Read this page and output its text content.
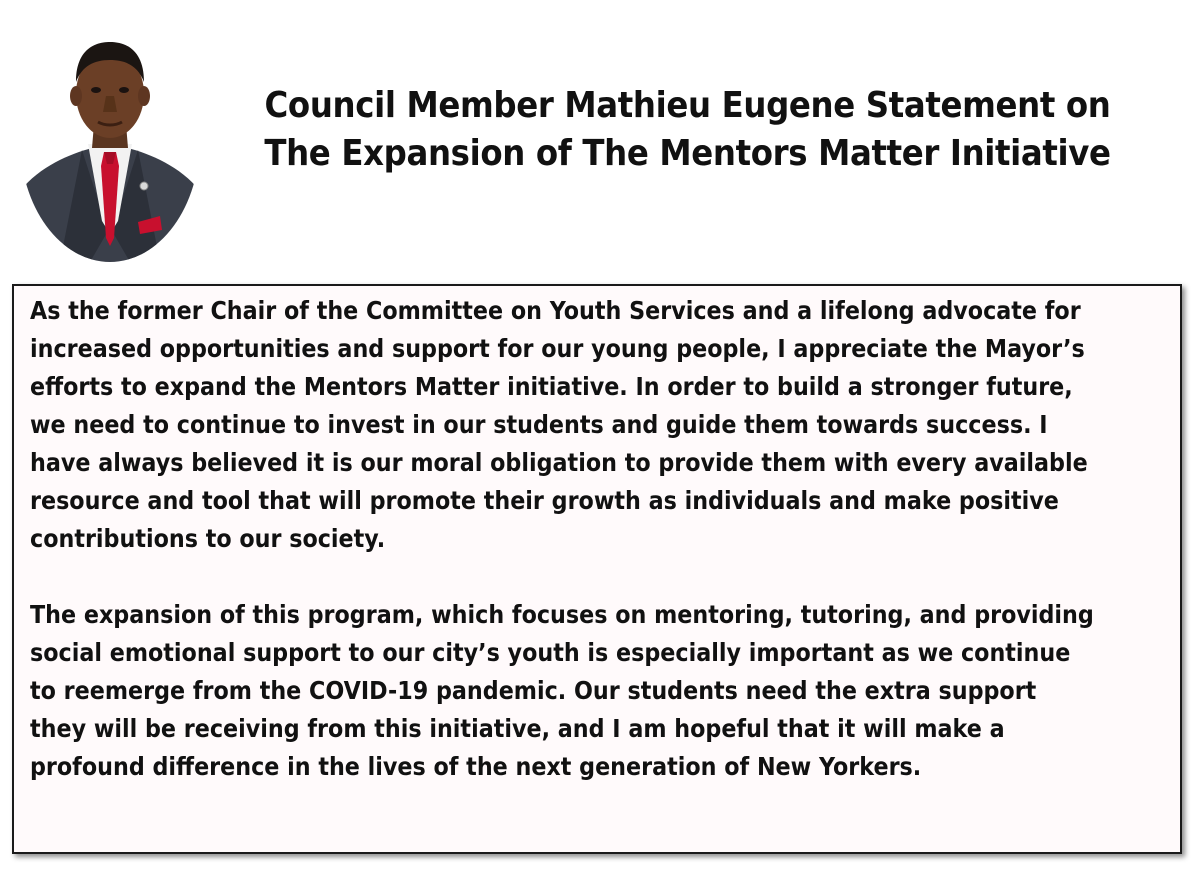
Council Member Mathieu Eugene Statement on
The Expansion of The Mentors Matter Initiative

As the former Chair of the Committee on Youth Services and a lifelong advocate for
increased opportunities and support for our young people, I appreciate the Mayor’s
efforts to expand the Mentors Matter initiative. In order to build a stronger future,
we need to continue to invest in our students and guide them towards success. I
have always believed it is our moral obligation to provide them with every available
resource and tool that will promote their growth as individuals and make positive
contributions to our society.

The expansion of this program, which focuses on mentoring, tutoring, and providing
social emotional support to our city’s youth is especially important as we continue
to reemerge from the COVID-19 pandemic. Our students need the extra support
they will be receiving from this initiative, and I am hopeful that it will make a
profound difference in the lives of the next generation of New Yorkers.
